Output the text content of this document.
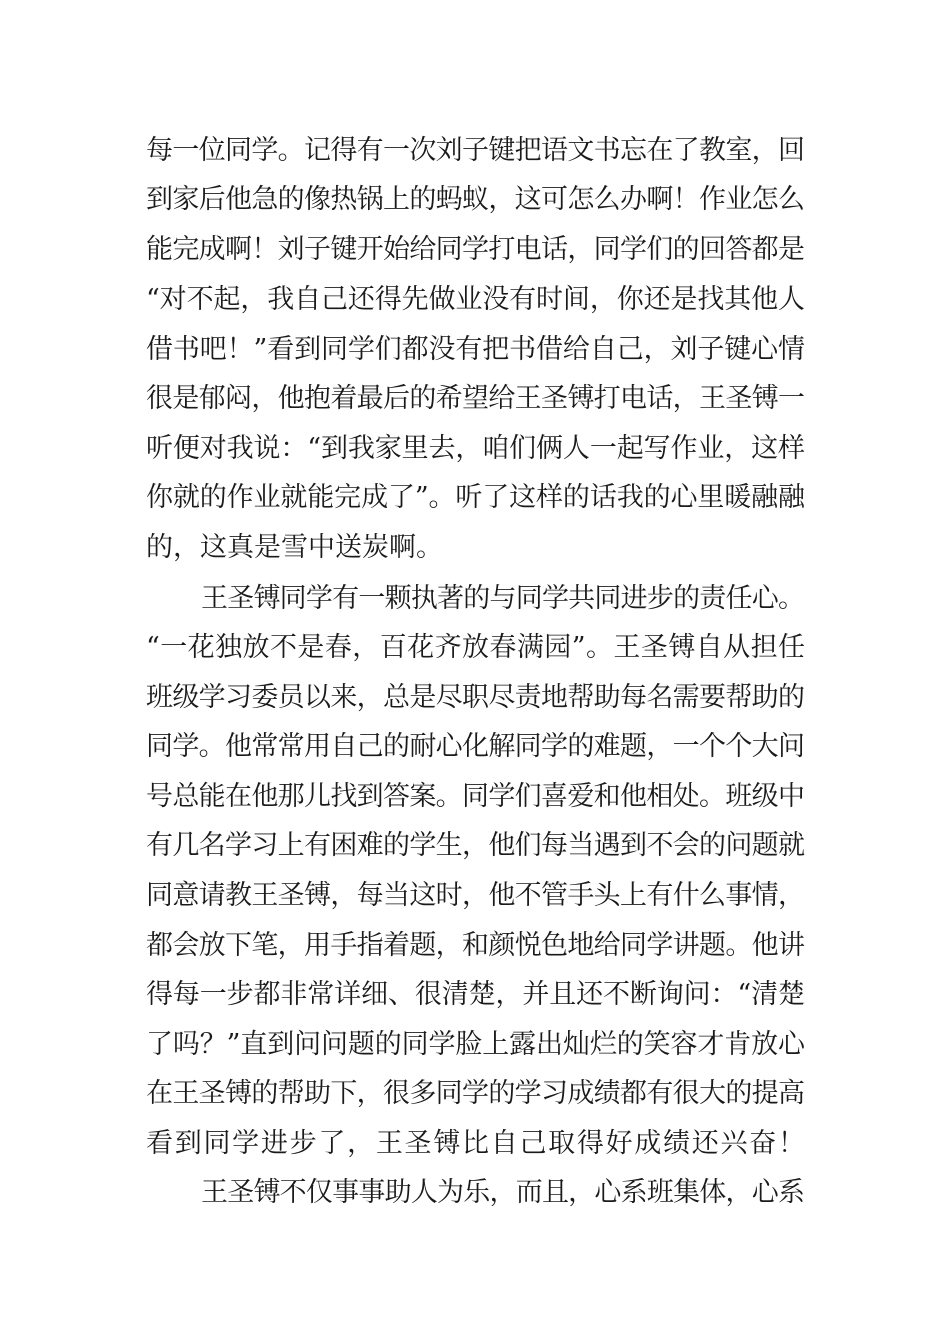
每一位同学。记得有一次刘子键把语文书忘在了教室，回
到家后他急的像热锅上的蚂蚁，这可怎么办啊！作业怎么
能完成啊！刘子键开始给同学打电话，同学们的回答都是
“对不起，我自己还得先做业没有时间，你还是找其他人
借书吧！”看到同学们都没有把书借给自己，刘子键心情
很是郁闷，他抱着最后的希望给王圣镈打电话，王圣镈一
听便对我说：“到我家里去，咱们俩人一起写作业，这样
你就的作业就能完成了”。听了这样的话我的心里暖融融
的，这真是雪中送炭啊。
王圣镈同学有一颗执著的与同学共同进步的责任心。
“一花独放不是春，百花齐放春满园”。王圣镈自从担任
班级学习委员以来，总是尽职尽责地帮助每名需要帮助的
同学。他常常用自己的耐心化解同学的难题，一个个大问
号总能在他那儿找到答案。同学们喜爱和他相处。班级中
有几名学习上有困难的学生，他们每当遇到不会的问题就
同意请教王圣镈，每当这时，他不管手头上有什么事情，
都会放下笔，用手指着题，和颜悦色地给同学讲题。他讲
得每一步都非常详细、很清楚，并且还不断询问：“清楚
了吗？”直到问问题的同学脸上露出灿烂的笑容才肯放心
在王圣镈的帮助下，很多同学的学习成绩都有很大的提高
看到同学进步了，王圣镈比自己取得好成绩还兴奋！
王圣镈不仅事事助人为乐，而且，心系班集体，心系
